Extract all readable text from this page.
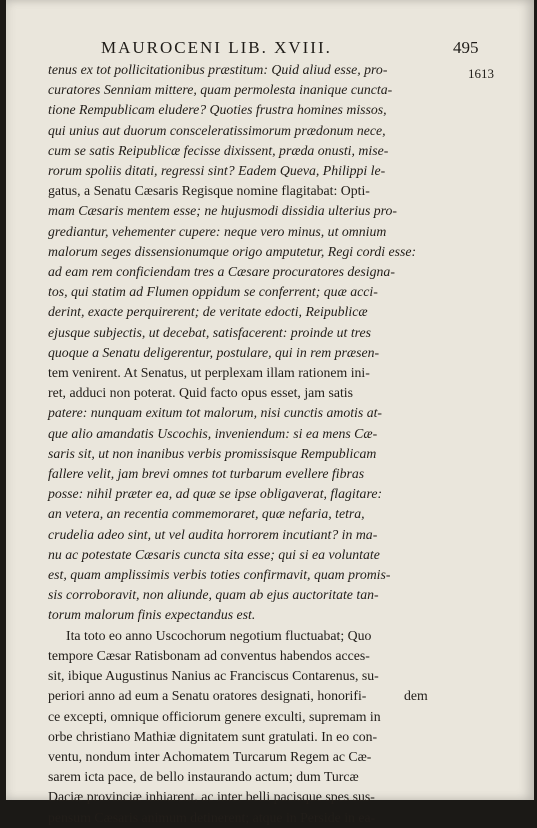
MAUROCENI LIB. XVIII.	495
1613
tenus ex tot pollicitationibus præstitum: Quid aliud esse, pro-
curatores Senniam mittere, quam permolesta inanique cuncta-
tione Rempublicam eludere? Quoties frustra homines missos,
qui unius aut duorum consceleratissimorum prædonum nece,
cum se satis Reipublicæ fecisse dixissent, præda onusti, mise-
rorum spoliis ditati, regressi sint? Eadem Queva, Philippi le-
gatus, a Senatu Cæsaris Regisque nomine flagitabat: Opti-
mam Cæsaris mentem esse; ne hujusmodi dissidia ulterius pro-
grediantur, vehementer cupere: neque vero minus, ut omnium
malorum seges dissensionumque origo amputetur, Regi cordi esse:
ad eam rem conficiendam tres a Cæsare procuratores designa-
tos, qui statim ad Flumen oppidum se conferrent; quæ acci-
derint, exacte perquirerent; de veritate edocti, Reipublicæ
ejusque subjectis, ut decebat, satisfacerent: proinde ut tres
quoque a Senatu deligerentur, postulare, qui in rem præsen-
tem venirent. At Senatus, ut perplexam illam rationem ini-
ret, adduci non poterat. Quid facto opus esset, jam satis
patere: nunquam exitum tot malorum, nisi cunctis amotis at-
que alio amandatis Uscochis, inveniendum: si ea mens Cæ-
saris sit, ut non inanibus verbis promissisque Rempublicam
fallere velit, jam brevi omnes tot turbarum evellere fibras
posse: nihil præter ea, ad quæ se ipse obligaverat, flagitare:
an vetera, an recentia commemoraret, quæ nefaria, tetra,
crudelia adeo sint, ut vel audita horrorem incutiant? in ma-
nu ac potestate Cæsaris cuncta sita esse; qui si ea voluntate
est, quam amplissimis verbis toties confirmavit, quam promis-
sis corroboravit, non aliunde, quam ab ejus auctoritate tan-
torum malorum finis expectandus est.
Ita toto eo anno Uscochorum negotium fluctuabat; Quo
tempore Cæsar Ratisbonam ad conventus habendos acces-
sit, ibique Augustinus Nanius ac Franciscus Contarenus, su-
periori anno ad eum a Senatu oratores designati, honorifi-
ce excepti, omnique officiorum genere exculti, supremam in
orbe christiano Mathiæ dignitatem sunt gratulati. In eo con-
ventu, nondum inter Achomatem Turcarum Regem ac Cæ-
sarem icta pace, de bello instaurando actum; dum Turcæ
Daciæ provinciæ inhiarent, ac inter belli pacisque spes sus-
pensum Cæsaris animum detinerent; atque in Perside in ea-
dem
